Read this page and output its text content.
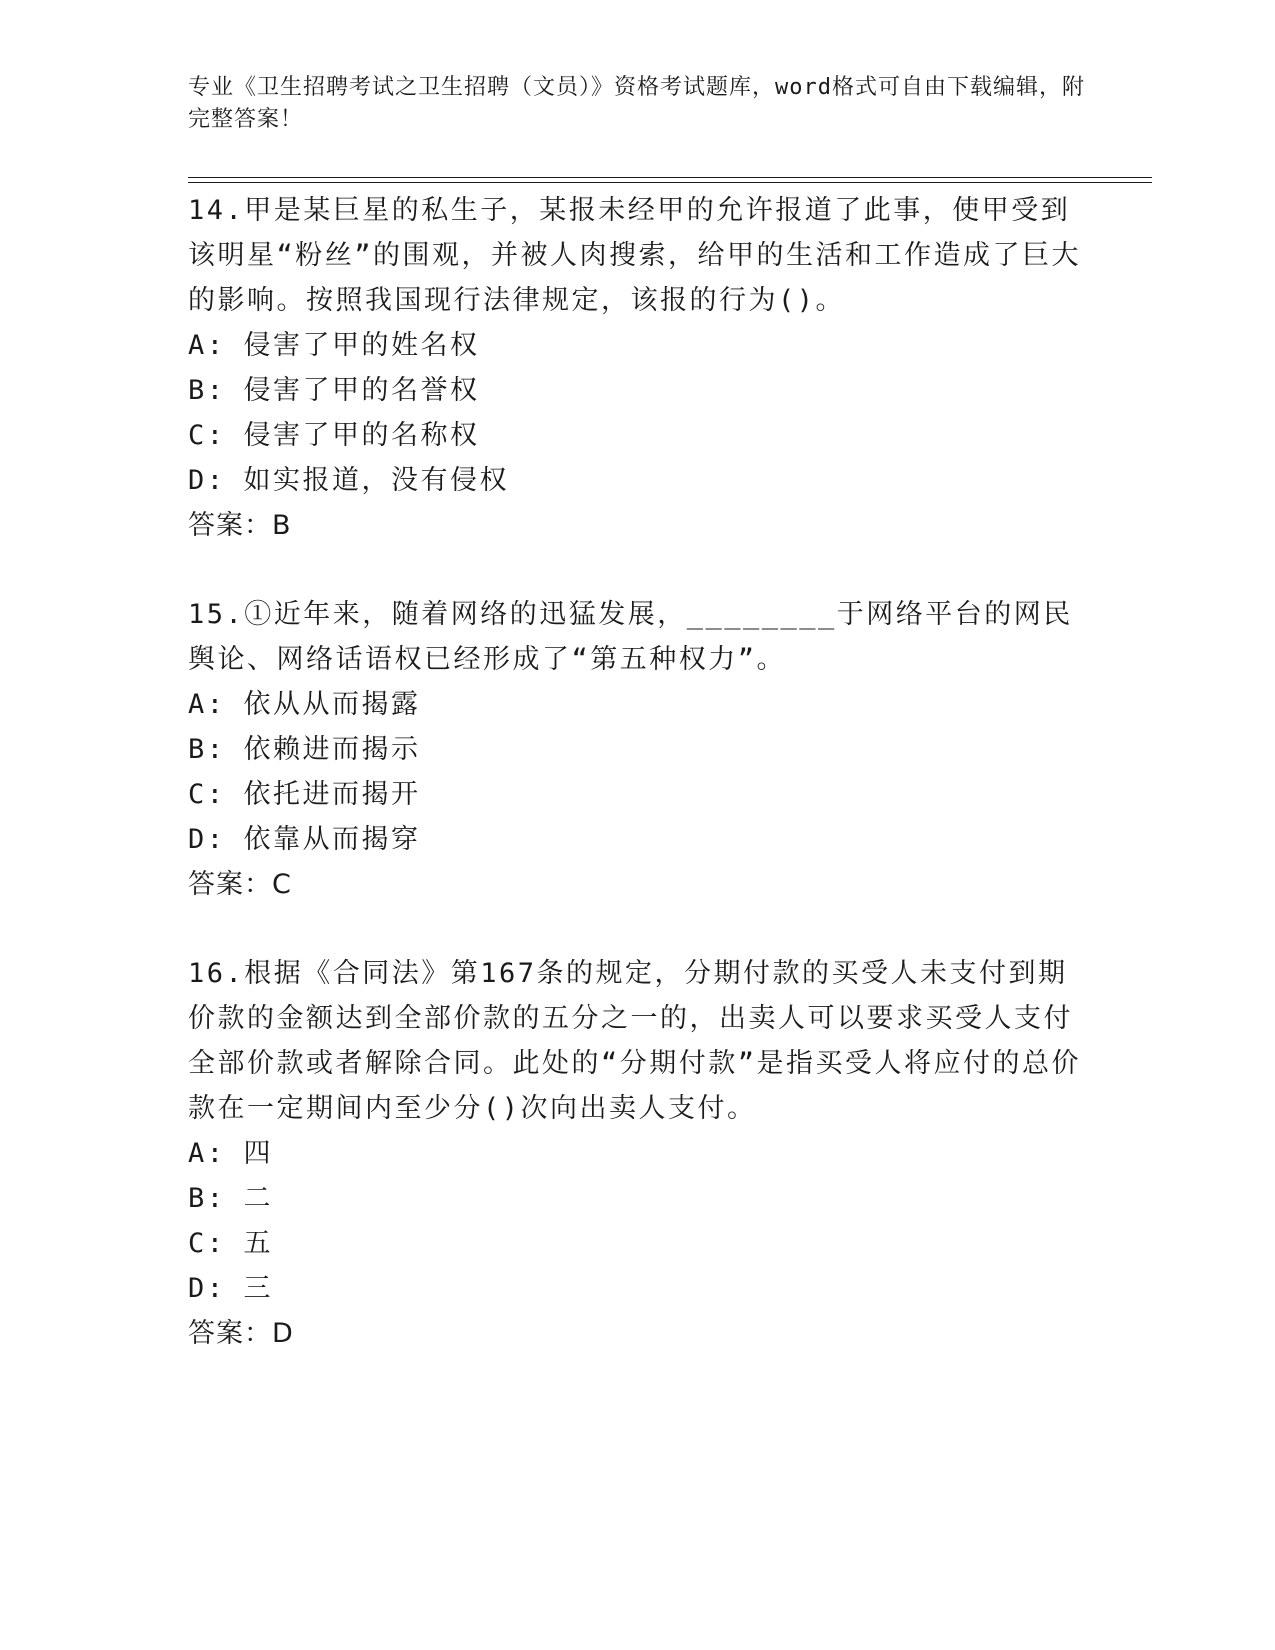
专业《卫生招聘考试之卫生招聘（文员）》资格考试题库，word格式可自由下载编辑，附完整答案！

14.甲是某巨星的私生子，某报未经甲的允许报道了此事，使甲受到该明星“粉丝”的围观，并被人肉搜索，给甲的生活和工作造成了巨大的影响。按照我国现行法律规定，该报的行为()。

A: 侵害了甲的姓名权

B: 侵害了甲的名誉权

C: 侵害了甲的名称权

D: 如实报道，没有侵权

答案：B

15.①近年来，随着网络的迅猛发展，________于网络平台的网民舆论、网络话语权已经形成了“第五种权力”。

A: 依从从而揭露

B: 依赖进而揭示

C: 依托进而揭开

D: 依靠从而揭穿

答案：C

16.根据《合同法》第167条的规定，分期付款的买受人未支付到期价款的金额达到全部价款的五分之一的，出卖人可以要求买受人支付全部价款或者解除合同。此处的“分期付款”是指买受人将应付的总价款在一定期间内至少分()次向出卖人支付。

A: 四

B: 二

C: 五

D: 三

答案：D
